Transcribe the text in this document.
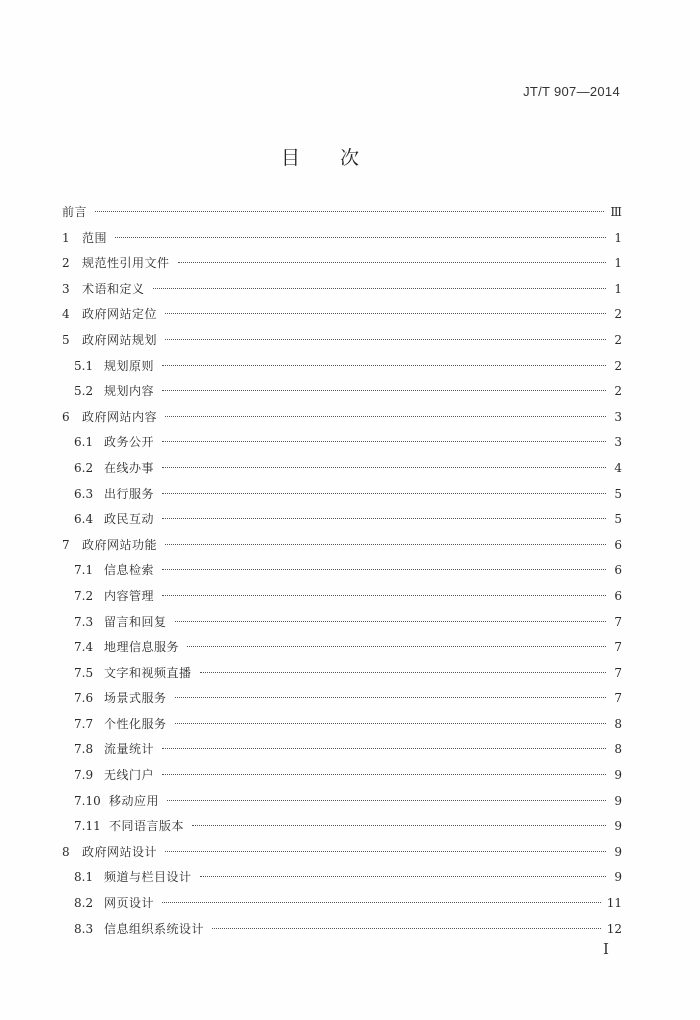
JT/T 907—2014
目次
前言	Ⅲ
1	范围	1
2	规范性引用文件	1
3	术语和定义	1
4	政府网站定位	2
5	政府网站规划	2
5.1 规划原则	2
5.2 规划内容	2
6	政府网站内容	3
6.1 政务公开	3
6.2 在线办事	4
6.3 出行服务	5
6.4 政民互动	5
7	政府网站功能	6
7.1 信息检索	6
7.2 内容管理	6
7.3 留言和回复	7
7.4 地理信息服务	7
7.5 文字和视频直播	7
7.6 场景式服务	7
7.7 个性化服务	8
7.8 流量统计	8
7.9 无线门户	9
7.10 移动应用	9
7.11 不同语言版本	9
8	政府网站设计	9
8.1 频道与栏目设计	9
8.2 网页设计	11
8.3 信息组织系统设计	12
I
